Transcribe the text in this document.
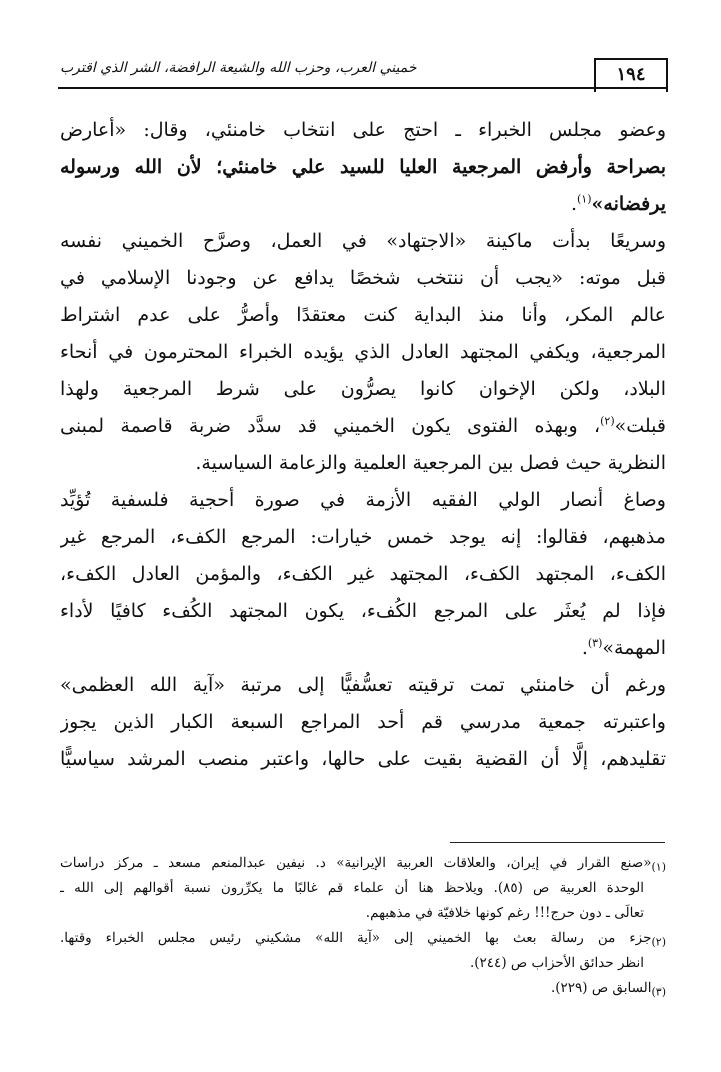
١٩٤
خميني العرب، وحزب الله والشيعة الرافضة، الشر الذي اقترب
وعضو مجلس الخبراء ـ احتج على انتخاب خامنئي، وقال: «أعارض
بصراحة وأرفض المرجعية العليا للسيد علي خامنئي؛ لأن الله ورسوله
يرفضانه»$^{(١)}$.
وسريعًا بدأت ماكينة «الاجتهاد» في العمل، وصرَّح الخميني نفسه
قبل موته: «يجب أن ننتخب شخصًا يدافع عن وجودنا الإسلامي في
عالم المكر، وأنا منذ البداية كنت معتقدًا وأصرُّ على عدم اشتراط
المرجعية، ويكفي المجتهد العادل الذي يؤيده الخبراء المحترمون في أنحاء
البلاد، ولكن الإخوان كانوا يصرُّون على شرط المرجعية ولهذا
قبلت»$^{(٢)}$، وبهذه الفتوى يكون الخميني قد سدَّد ضربة قاصمة لمبنى
النظرية حيث فصل بين المرجعية العلمية والزعامة السياسية.
وصاغ أنصار الولي الفقيه الأزمة في صورة أحجية فلسفية تُؤيِّد
مذهبهم، فقالوا: إنه يوجد خمس خيارات: المرجع الكفء، المرجع غير
الكفء، المجتهد الكفء، المجتهد غير الكفء، والمؤمن العادل الكفء،
فإذا لم يُعثَر على المرجع الكُفء، يكون المجتهد الكُفء كافيًا لأداء
المهمة»$^{(٣)}$.
ورغم أن خامنئي تمت ترقيته تعسُّفيًّا إلى مرتبة «آية الله العظمى»
واعتبرته جمعية مدرسي قم أحد المراجع السبعة الكبار الذين يجوز
تقليدهم، إلَّا أن القضية بقيت على حالها، واعتبر منصب المرشد سياسيًّا
$_{(١)}$«صنع القرار في إيران، والعلاقات العربية الإيرانية» د. نيفين عبدالمنعم مسعد ـ مركز دراسات
الوحدة العربية ص (٨٥). ويلاحظ هنا أن علماء قم غالبًا ما يكرِّرون نسبة أقوالهم إلى الله ـ
تعالَى ـ دون حرج!!! رغم كونها خلافيّة في مذهبهم.
$_{(٢)}$جزء من رسالة بعث بها الخميني إلى «آية الله» مشكيني رئيس مجلس الخبراء وقتها.
انظر حدائق الأحزاب ص (٢٤٤).
$_{(٣)}$السابق ص (٢٢٩).
